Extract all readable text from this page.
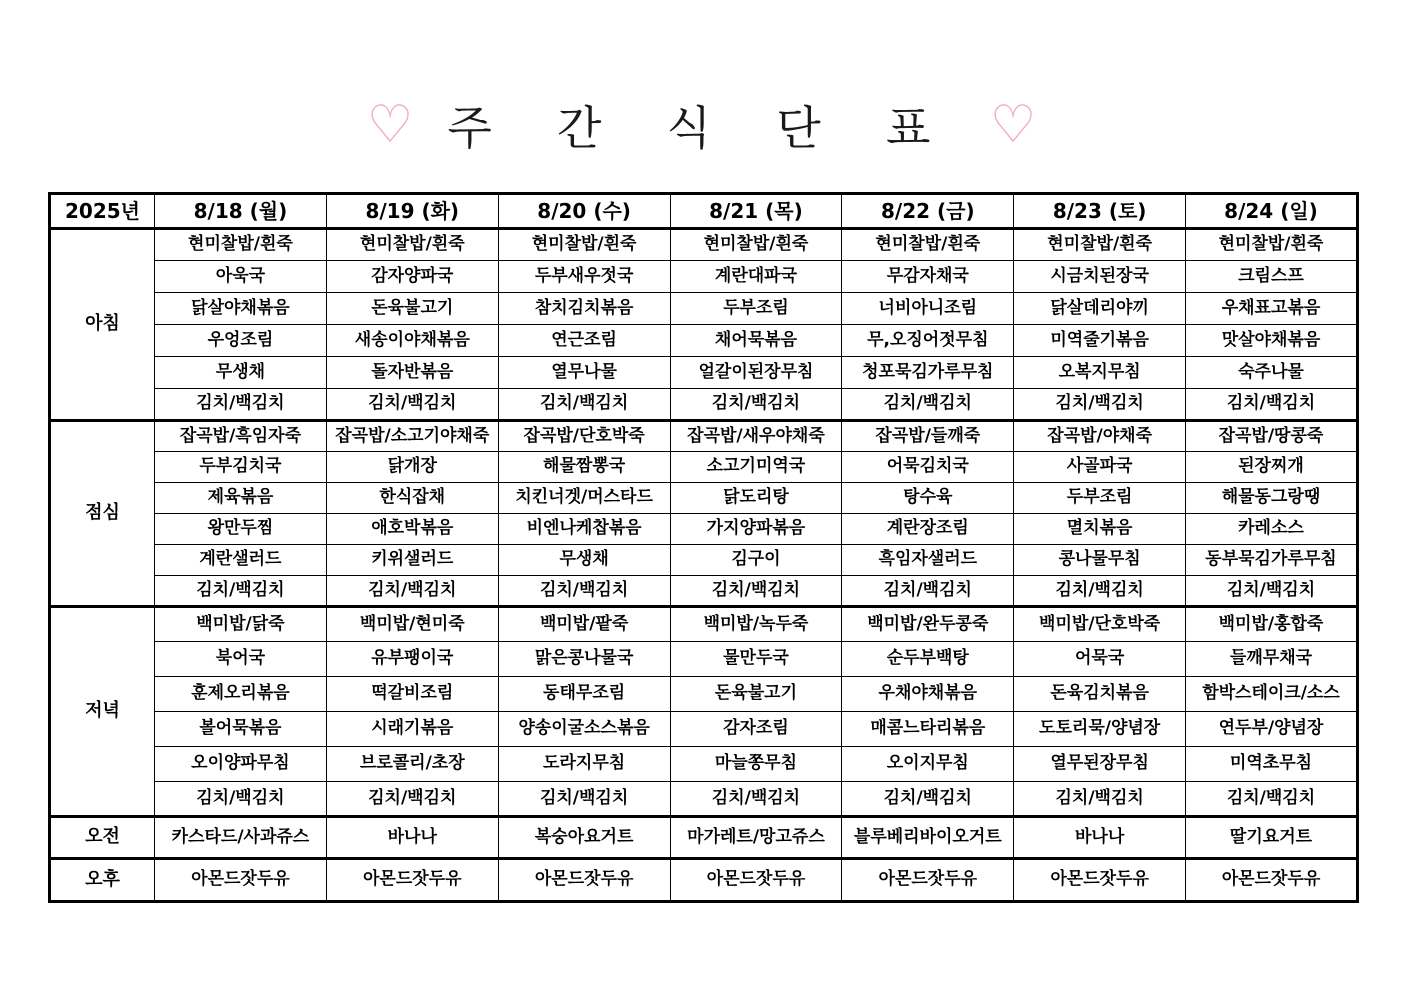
♡ 주 간 식 단 표 ♡
2025년	8/18 (월)	8/19 (화)	8/20 (수)	8/21 (목)	8/22 (금)	8/23 (토)	8/24 (일)
아침	현미찰밥/흰죽	현미찰밥/흰죽	현미찰밥/흰죽	현미찰밥/흰죽	현미찰밥/흰죽	현미찰밥/흰죽	현미찰밥/흰죽
	아욱국	감자양파국	두부새우젓국	계란대파국	무감자채국	시금치된장국	크림스프
	닭살야채볶음	돈육불고기	참치김치볶음	두부조림	너비아니조림	닭살데리야끼	우채표고볶음
	우엉조림	새송이야채볶음	연근조림	채어묵볶음	무,오징어젓무침	미역줄기볶음	맛살야채볶음
	무생채	돌자반볶음	열무나물	얼갈이된장무침	청포묵김가루무침	오복지무침	숙주나물
	김치/백김치	김치/백김치	김치/백김치	김치/백김치	김치/백김치	김치/백김치	김치/백김치
점심	잡곡밥/흑임자죽	잡곡밥/소고기야채죽	잡곡밥/단호박죽	잡곡밥/새우야채죽	잡곡밥/들깨죽	잡곡밥/야채죽	잡곡밥/땅콩죽
	두부김치국	닭개장	해물짬뽕국	소고기미역국	어묵김치국	사골파국	된장찌개
	제육볶음	한식잡채	치킨너겟/머스타드	닭도리탕	탕수육	두부조림	해물동그랑땡
	왕만두찜	애호박볶음	비엔나케찹볶음	가지양파볶음	계란장조림	멸치볶음	카레소스
	계란샐러드	키위샐러드	무생채	김구이	흑임자샐러드	콩나물무침	동부묵김가루무침
	김치/백김치	김치/백김치	김치/백김치	김치/백김치	김치/백김치	김치/백김치	김치/백김치
저녁	백미밥/닭죽	백미밥/현미죽	백미밥/팥죽	백미밥/녹두죽	백미밥/완두콩죽	백미밥/단호박죽	백미밥/홍합죽
	북어국	유부팽이국	맑은콩나물국	물만두국	순두부백탕	어묵국	들깨무채국
	훈제오리볶음	떡갈비조림	동태무조림	돈육불고기	우채야채볶음	돈육김치볶음	함박스테이크/소스
	볼어묵볶음	시래기볶음	양송이굴소스볶음	감자조림	매콤느타리볶음	도토리묵/양념장	연두부/양념장
	오이양파무침	브로콜리/초장	도라지무침	마늘쫑무침	오이지무침	열무된장무침	미역초무침
	김치/백김치	김치/백김치	김치/백김치	김치/백김치	김치/백김치	김치/백김치	김치/백김치
오전	카스타드/사과쥬스	바나나	복숭아요거트	마가레트/망고쥬스	블루베리바이오거트	바나나	딸기요거트
오후	아몬드잣두유	아몬드잣두유	아몬드잣두유	아몬드잣두유	아몬드잣두유	아몬드잣두유	아몬드잣두유
